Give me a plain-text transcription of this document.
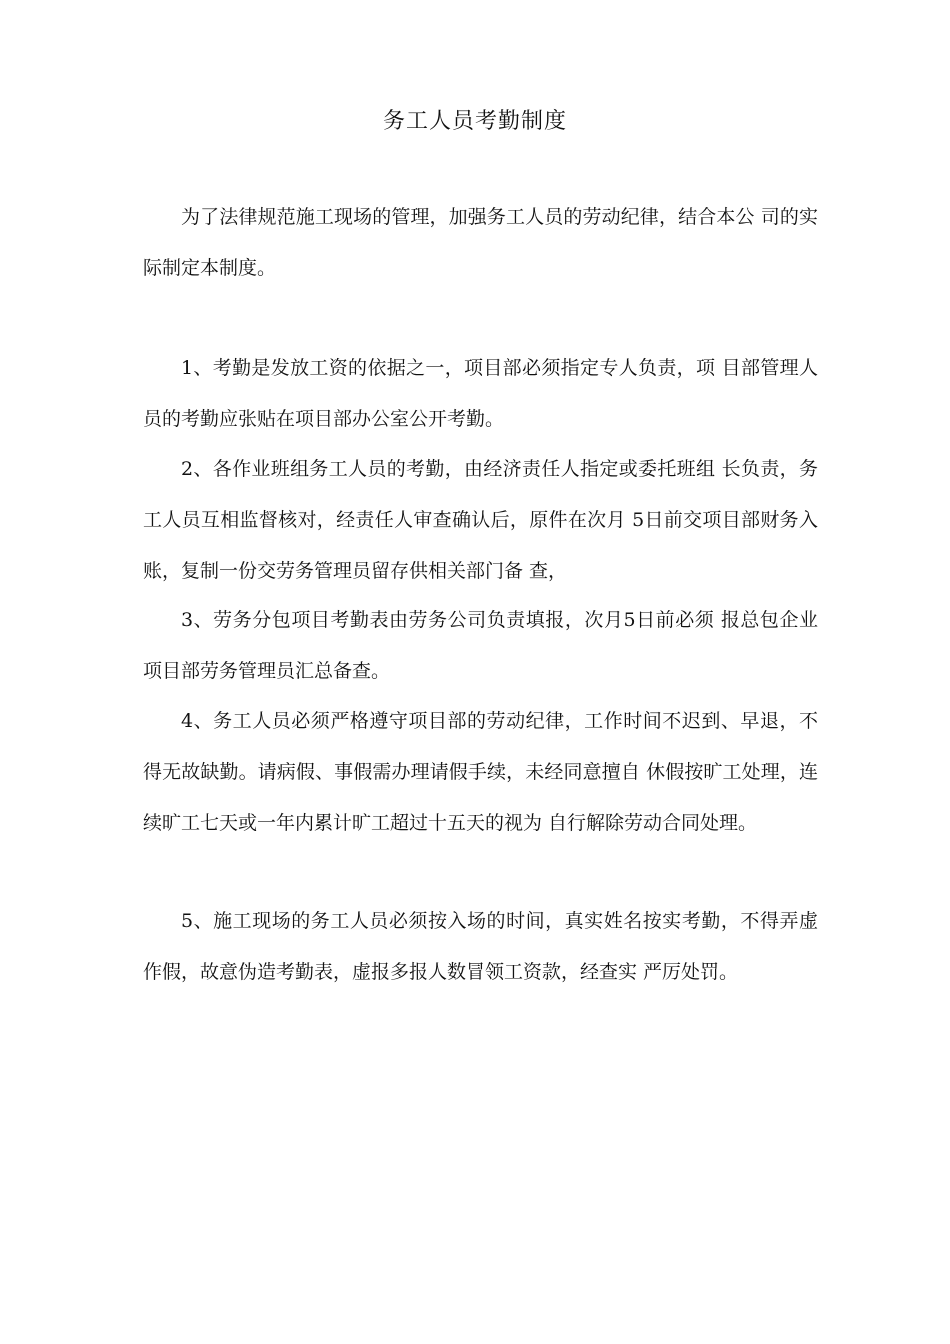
务工人员考勤制度
为了法律规范施工现场的管理，加强务工人员的劳动纪律，结合本公 司的实际制定本制度。
1、考勤是发放工资的依据之一，项目部必须指定专人负责，项 目部管理人员的考勤应张贴在项目部办公室公开考勤。
2、各作业班组务工人员的考勤，由经济责任人指定或委托班组 长负责，务工人员互相监督核对，经责任人审查确认后，原件在次月 5日前交项目部财务入账，复制一份交劳务管理员留存供相关部门备 查，
3、劳务分包项目考勤表由劳务公司负责填报，次月5日前必须 报总包企业项目部劳务管理员汇总备查。
4、务工人员必须严格遵守项目部的劳动纪律，工作时间不迟到、早退，不得无故缺勤。请病假、事假需办理请假手续，未经同意擅自 休假按旷工处理，连续旷工七天或一年内累计旷工超过十五天的视为 自行解除劳动合同处理。
5、施工现场的务工人员必须按入场的时间，真实姓名按实考勤，不得弄虚作假，故意伪造考勤表，虚报多报人数冒领工资款，经查实 严厉处罚。
